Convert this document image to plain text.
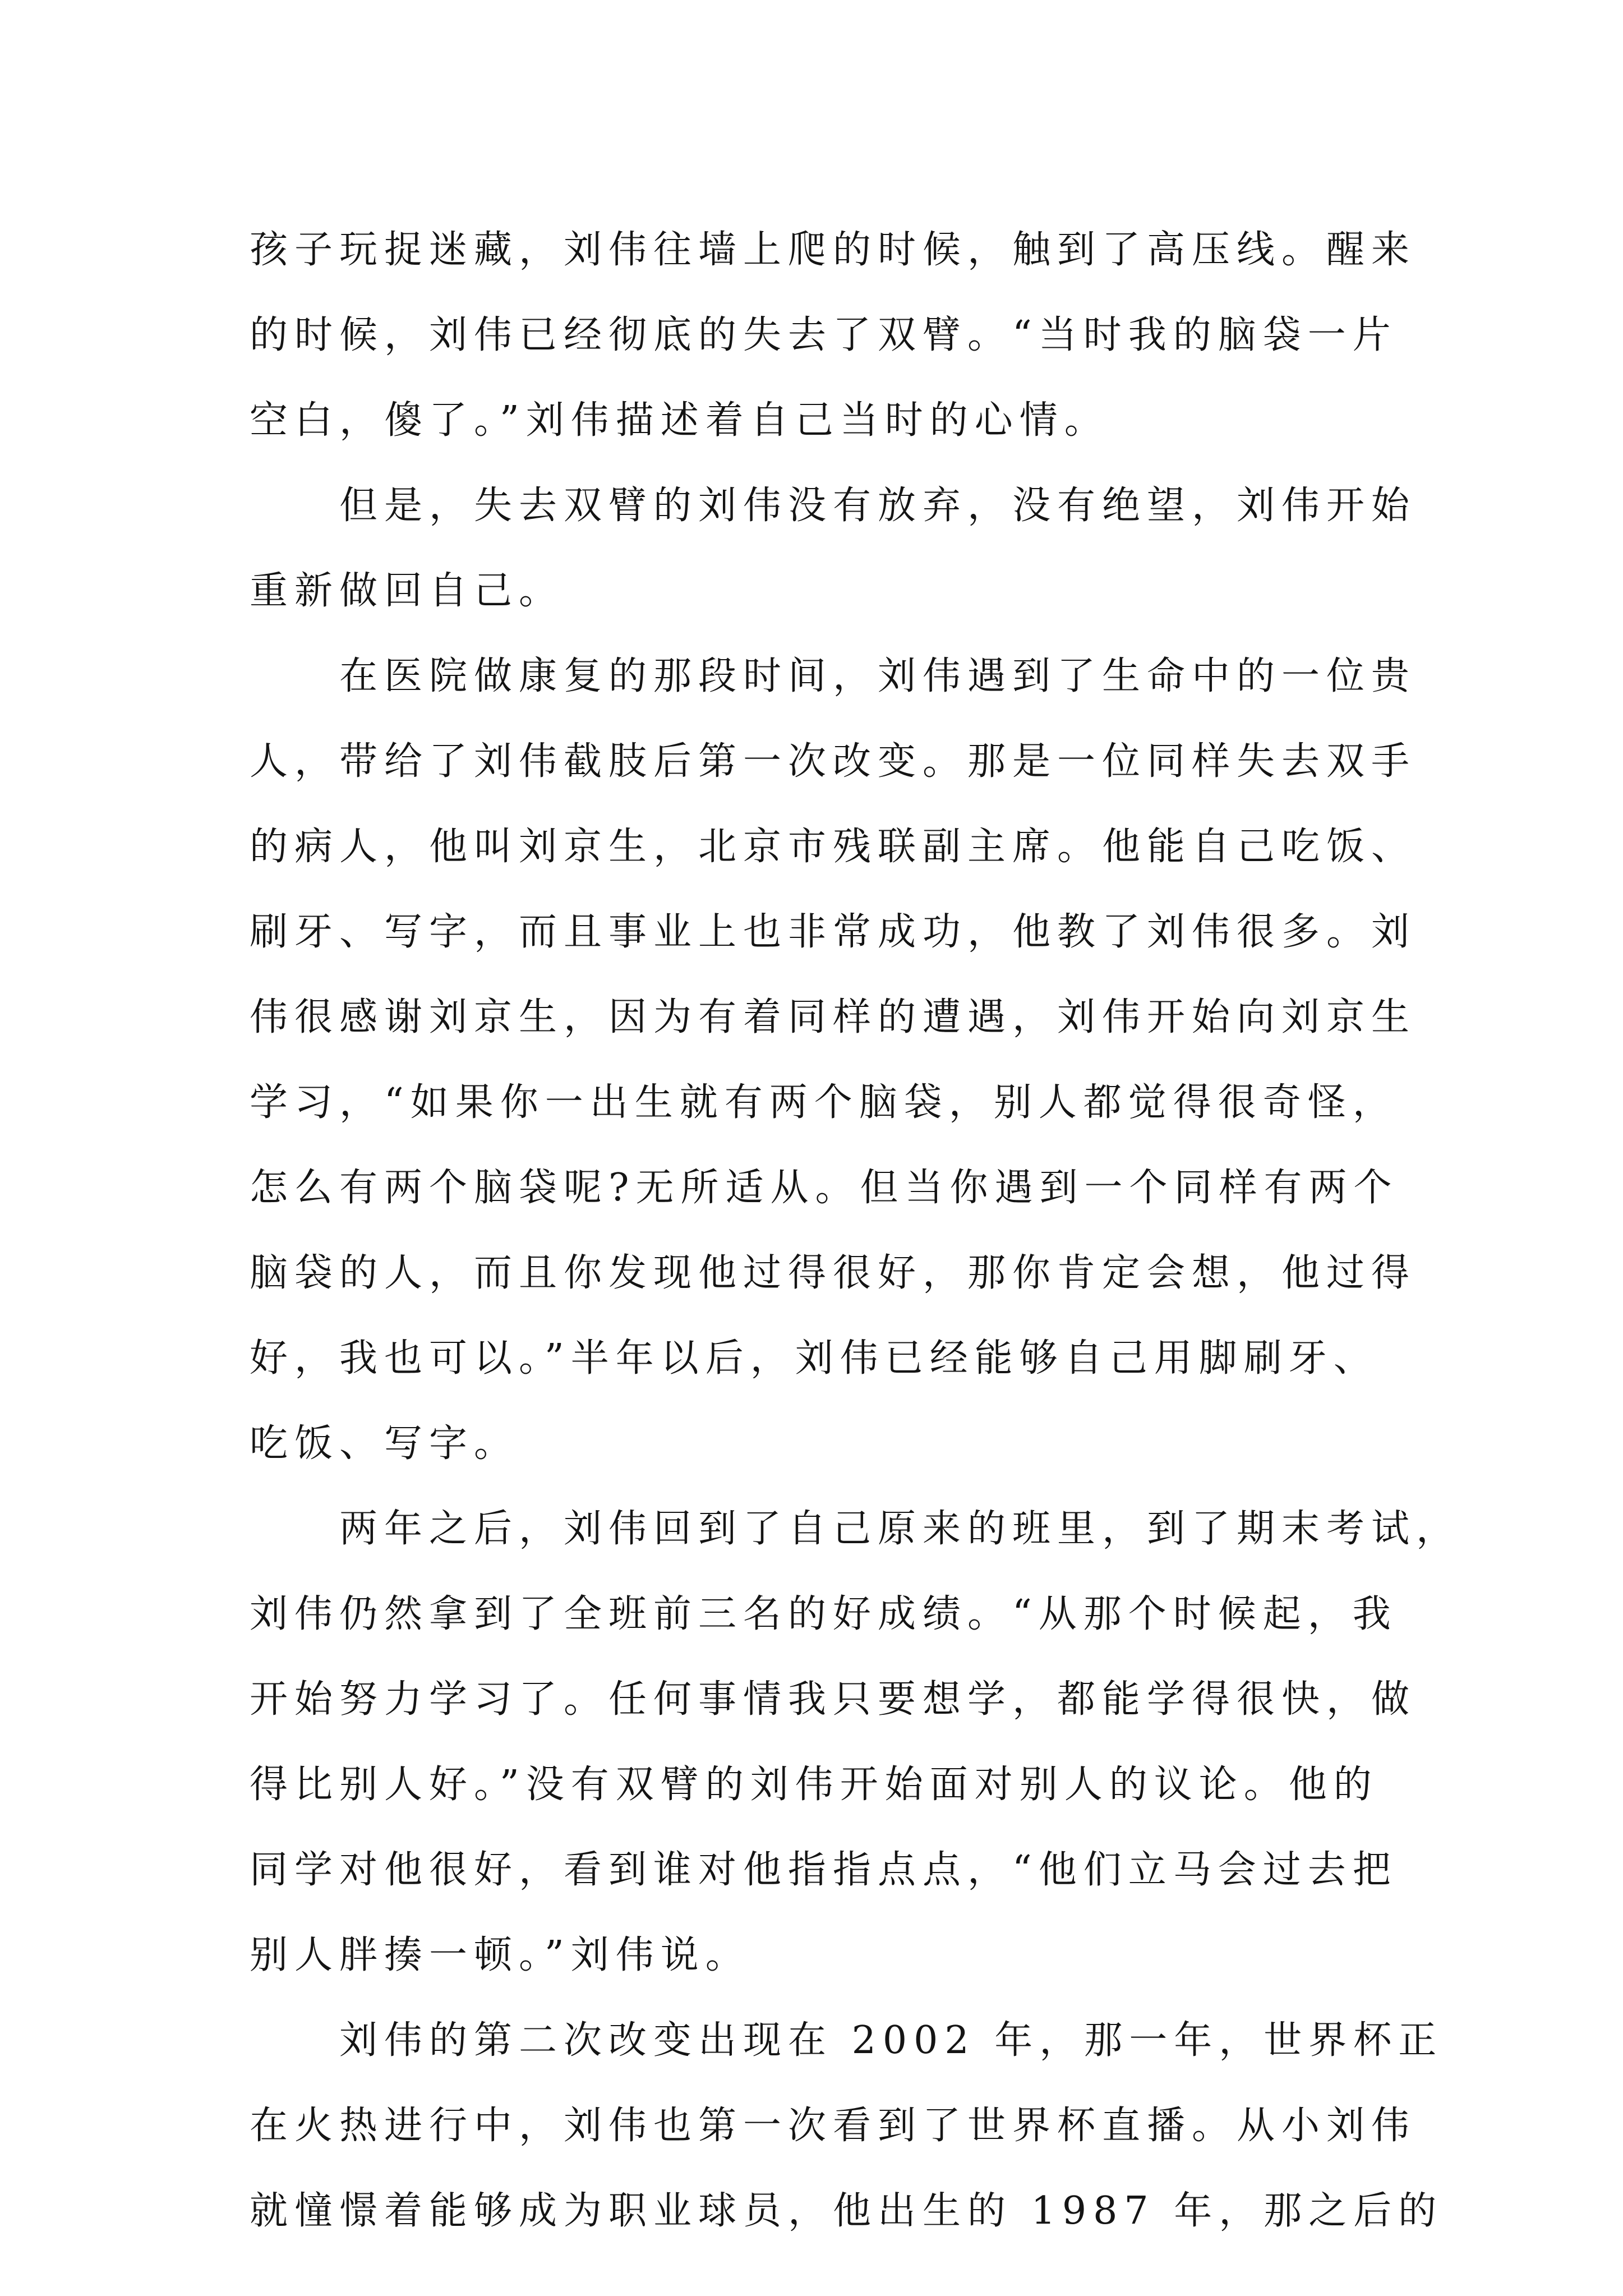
孩子玩捉迷藏，刘伟往墙上爬的时候，触到了高压线。醒来
的时候，刘伟已经彻底的失去了双臂。“当时我的脑袋一片
空白，傻了。”刘伟描述着自己当时的心情。
　　但是，失去双臂的刘伟没有放弃，没有绝望，刘伟开始
重新做回自己。
　　在医院做康复的那段时间，刘伟遇到了生命中的一位贵
人，带给了刘伟截肢后第一次改变。那是一位同样失去双手
的病人，他叫刘京生，北京市残联副主席。他能自己吃饭、
刷牙、写字，而且事业上也非常成功，他教了刘伟很多。刘
伟很感谢刘京生，因为有着同样的遭遇，刘伟开始向刘京生
学习，“如果你一出生就有两个脑袋，别人都觉得很奇怪，
怎么有两个脑袋呢?无所适从。但当你遇到一个同样有两个
脑袋的人，而且你发现他过得很好，那你肯定会想，他过得
好，我也可以。”半年以后，刘伟已经能够自己用脚刷牙、
吃饭、写字。
　　两年之后，刘伟回到了自己原来的班里，到了期末考试，
刘伟仍然拿到了全班前三名的好成绩。“从那个时候起，我
开始努力学习了。任何事情我只要想学，都能学得很快，做
得比别人好。”没有双臂的刘伟开始面对别人的议论。他的
同学对他很好，看到谁对他指指点点，“他们立马会过去把
别人胖揍一顿。”刘伟说。
　　刘伟的第二次改变出现在 2002 年，那一年，世界杯正
在火热进行中，刘伟也第一次看到了世界杯直播。从小刘伟
就憧憬着能够成为职业球员，他出生的 1987 年，那之后的
